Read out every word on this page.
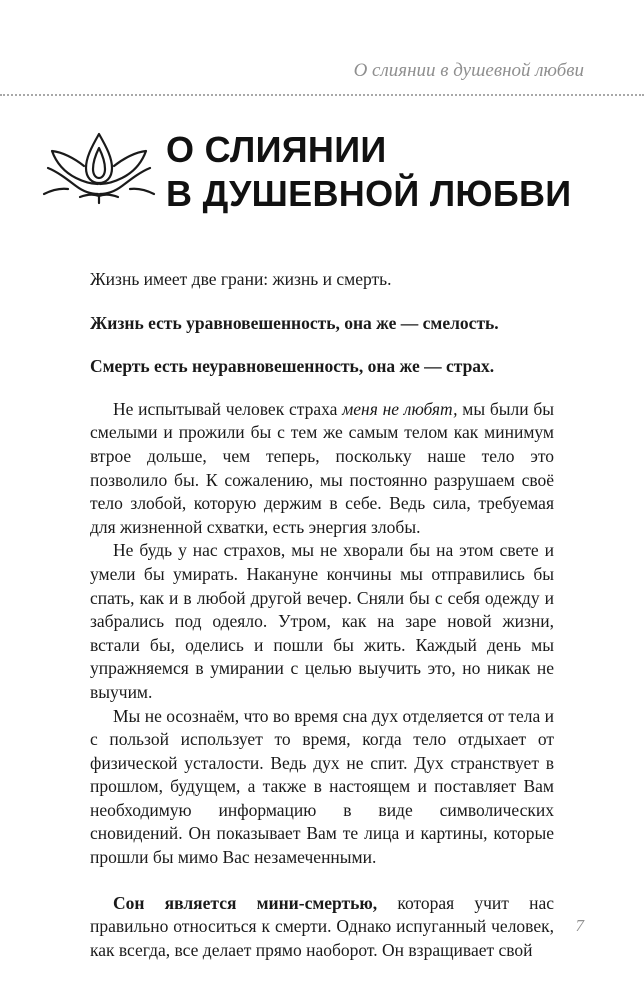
О слиянии в душевной любви
О СЛИЯНИИ
В ДУШЕВНОЙ ЛЮБВИ

Жизнь имеет две грани: жизнь и смерть.

Жизнь есть уравновешенность, она же — смелость.

Смерть есть неуравновешенность, она же — страх.

Не испытывай человек страха меня не любят, мы были бы смелыми и прожили бы с тем же самым телом как минимум втрое дольше, чем теперь, поскольку наше тело это позволило бы. К сожалению, мы постоянно разрушаем своё тело злобой, которую держим в себе. Ведь сила, требуемая для жизненной схватки, есть энергия злобы.

Не будь у нас страхов, мы не хворали бы на этом свете и умели бы умирать. Накануне кончины мы отправились бы спать, как и в любой другой вечер. Сняли бы с себя одежду и забрались под одеяло. Утром, как на заре новой жизни, встали бы, оделись и пошли бы жить. Каждый день мы упражняемся в умирании с целью выучить это, но никак не выучим.

Мы не осознаём, что во время сна дух отделяется от тела и с пользой использует то время, когда тело отдыхает от физической усталости. Ведь дух не спит. Дух странствует в прошлом, будущем, а также в настоящем и поставляет Вам необходимую информацию в виде символических сновидений. Он показывает Вам те лица и картины, которые прошли бы мимо Вас незамеченными.

Сон является мини-смертью, которая учит нас правильно относиться к смерти. Однако испуганный человек, как всегда, все делает прямо наоборот. Он взращивает свой

7
